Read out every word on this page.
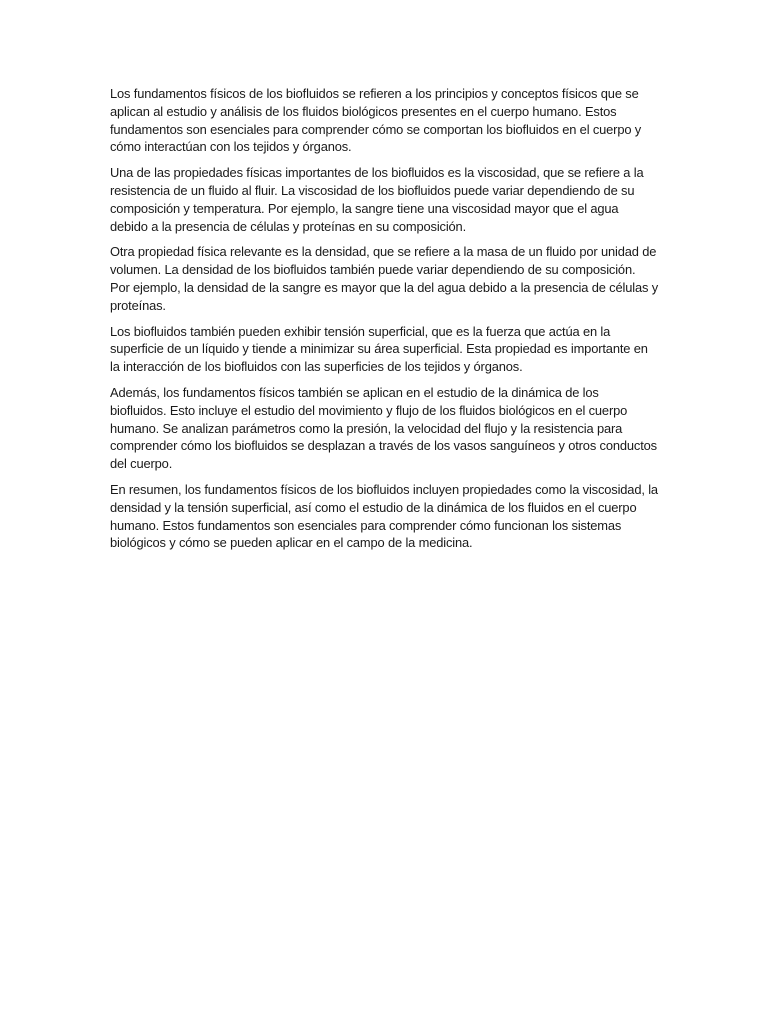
Los fundamentos físicos de los biofluidos se refieren a los principios y conceptos físicos que se aplican al estudio y análisis de los fluidos biológicos presentes en el cuerpo humano. Estos fundamentos son esenciales para comprender cómo se comportan los biofluidos en el cuerpo y cómo interactúan con los tejidos y órganos.

Una de las propiedades físicas importantes de los biofluidos es la viscosidad, que se refiere a la resistencia de un fluido al fluir. La viscosidad de los biofluidos puede variar dependiendo de su composición y temperatura. Por ejemplo, la sangre tiene una viscosidad mayor que el agua debido a la presencia de células y proteínas en su composición.

Otra propiedad física relevante es la densidad, que se refiere a la masa de un fluido por unidad de volumen. La densidad de los biofluidos también puede variar dependiendo de su composición. Por ejemplo, la densidad de la sangre es mayor que la del agua debido a la presencia de células y proteínas.

Los biofluidos también pueden exhibir tensión superficial, que es la fuerza que actúa en la superficie de un líquido y tiende a minimizar su área superficial. Esta propiedad es importante en la interacción de los biofluidos con las superficies de los tejidos y órganos.

Además, los fundamentos físicos también se aplican en el estudio de la dinámica de los biofluidos. Esto incluye el estudio del movimiento y flujo de los fluidos biológicos en el cuerpo humano. Se analizan parámetros como la presión, la velocidad del flujo y la resistencia para comprender cómo los biofluidos se desplazan a través de los vasos sanguíneos y otros conductos del cuerpo.

En resumen, los fundamentos físicos de los biofluidos incluyen propiedades como la viscosidad, la densidad y la tensión superficial, así como el estudio de la dinámica de los fluidos en el cuerpo humano. Estos fundamentos son esenciales para comprender cómo funcionan los sistemas biológicos y cómo se pueden aplicar en el campo de la medicina.
